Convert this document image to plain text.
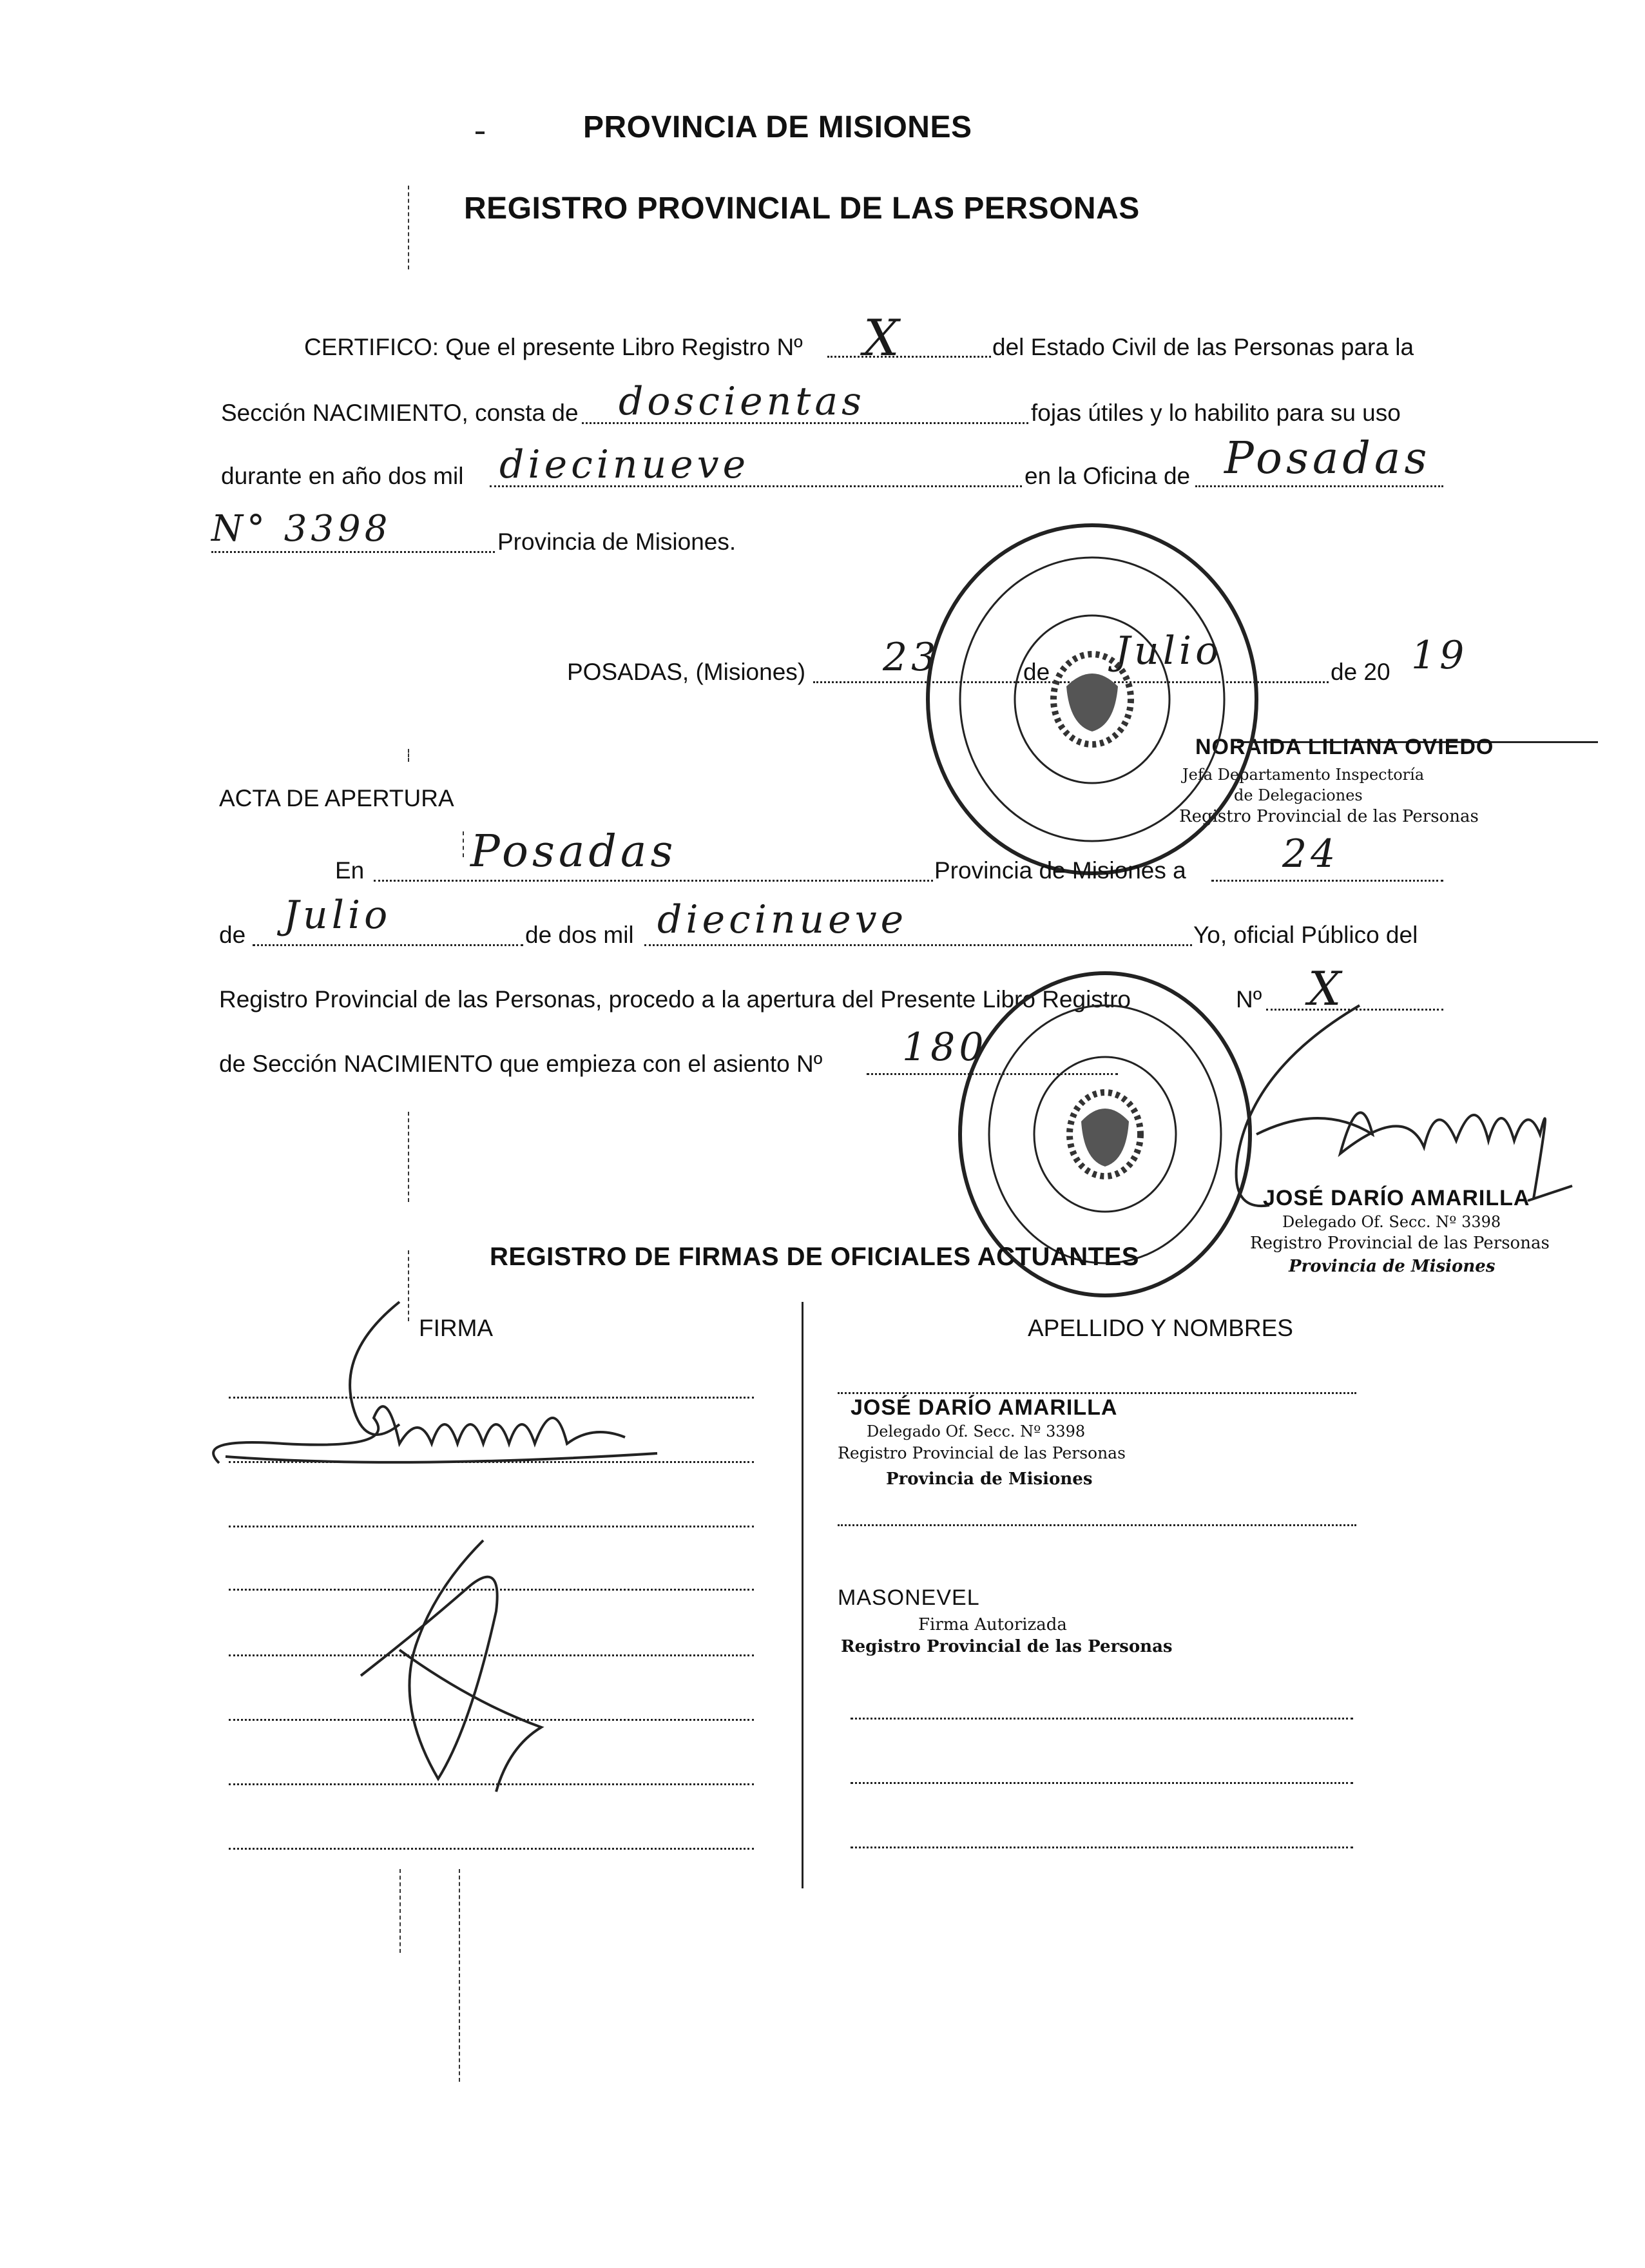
PROVINCIA DE MISIONES
REGISTRO PROVINCIAL DE LAS PERSONAS
CERTIFICO: Que el presente Libro Registro Nº X	del Estado Civil de las Personas para la
Sección NACIMIENTO, consta de doscientas	fojas útiles y lo habilito para su uso
durante en año dos mil diecinueve	en la Oficina de Posadas
N° 3398	Provincia de Misiones.
POSADAS, (Misiones) 23	de Julio	de 20 19
NORAIDA LILIANA OVIEDO
Jefa Departamento Inspectoría
de Delegaciones
Registro Provincial de las Personas
ACTA DE APERTURA
En Posadas	Provincia de Misiones a 24
de Julio	de dos mil diecinueve	Yo, oficial Público del
Registro Provincial de las Personas, procedo a la apertura del Presente Libro Registro	Nº X
de Sección NACIMIENTO que empieza con el asiento Nº 180
JOSÉ DARÍO AMARILLA
Delegado Of. Secc. Nº 3398
Registro Provincial de las Personas
Provincia de Misiones
REGISTRO DE FIRMAS DE OFICIALES ACTUANTES
FIRMA	APELLIDO Y NOMBRES
JOSÉ DARÍO AMARILLA
Delegado Of. Secc. Nº 3398
Registro Provincial de las Personas
Provincia de Misiones
MASONEVEL
Firma Autorizada
Registro Provincial de las Personas
